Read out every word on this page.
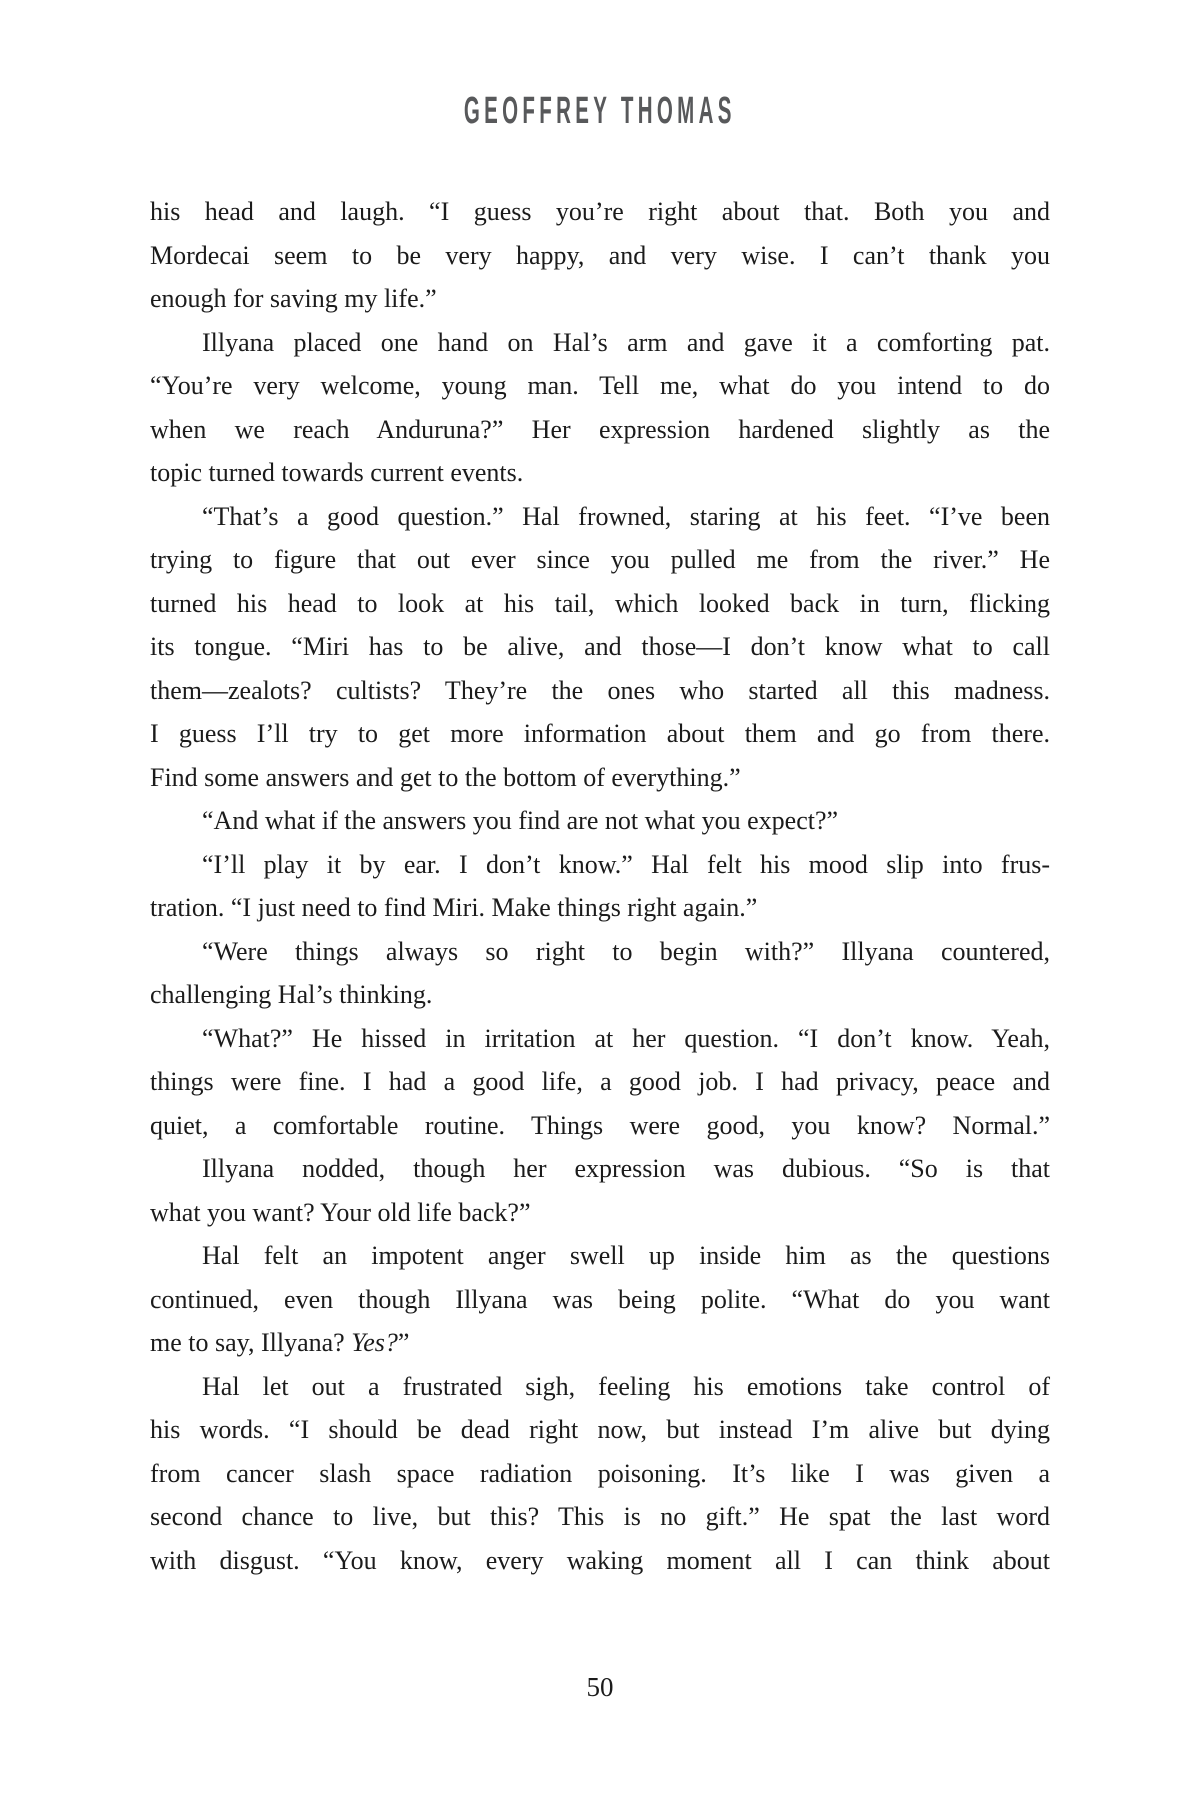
GEOFFREY THOMAS
his head and laugh. “I guess you’re right about that. Both you and
Mordecai seem to be very happy, and very wise. I can’t thank you
enough for saving my life.”
Illyana placed one hand on Hal’s arm and gave it a comforting pat.
“You’re very welcome, young man. Tell me, what do you intend to do
when we reach Anduruna?” Her expression hardened slightly as the
topic turned towards current events.
“That’s a good question.” Hal frowned, staring at his feet. “I’ve been
trying to figure that out ever since you pulled me from the river.” He
turned his head to look at his tail, which looked back in turn, flicking
its tongue. “Miri has to be alive, and those—I don’t know what to call
them—zealots? cultists? They’re the ones who started all this madness.
I guess I’ll try to get more information about them and go from there.
Find some answers and get to the bottom of everything.”
“And what if the answers you find are not what you expect?”
“I’ll play it by ear. I don’t know.” Hal felt his mood slip into frus-
tration. “I just need to find Miri. Make things right again.”
“Were things always so right to begin with?” Illyana countered,
challenging Hal’s thinking.
“What?” He hissed in irritation at her question. “I don’t know. Yeah,
things were fine. I had a good life, a good job. I had privacy, peace and
quiet, a comfortable routine. Things were good, you know? Normal.”
Illyana nodded, though her expression was dubious. “So is that
what you want? Your old life back?”
Hal felt an impotent anger swell up inside him as the questions
continued, even though Illyana was being polite. “What do you want
me to say, Illyana? Yes?”
Hal let out a frustrated sigh, feeling his emotions take control of
his words. “I should be dead right now, but instead I’m alive but dying
from cancer slash space radiation poisoning. It’s like I was given a
second chance to live, but this? This is no gift.” He spat the last word
with disgust. “You know, every waking moment all I can think about
50
